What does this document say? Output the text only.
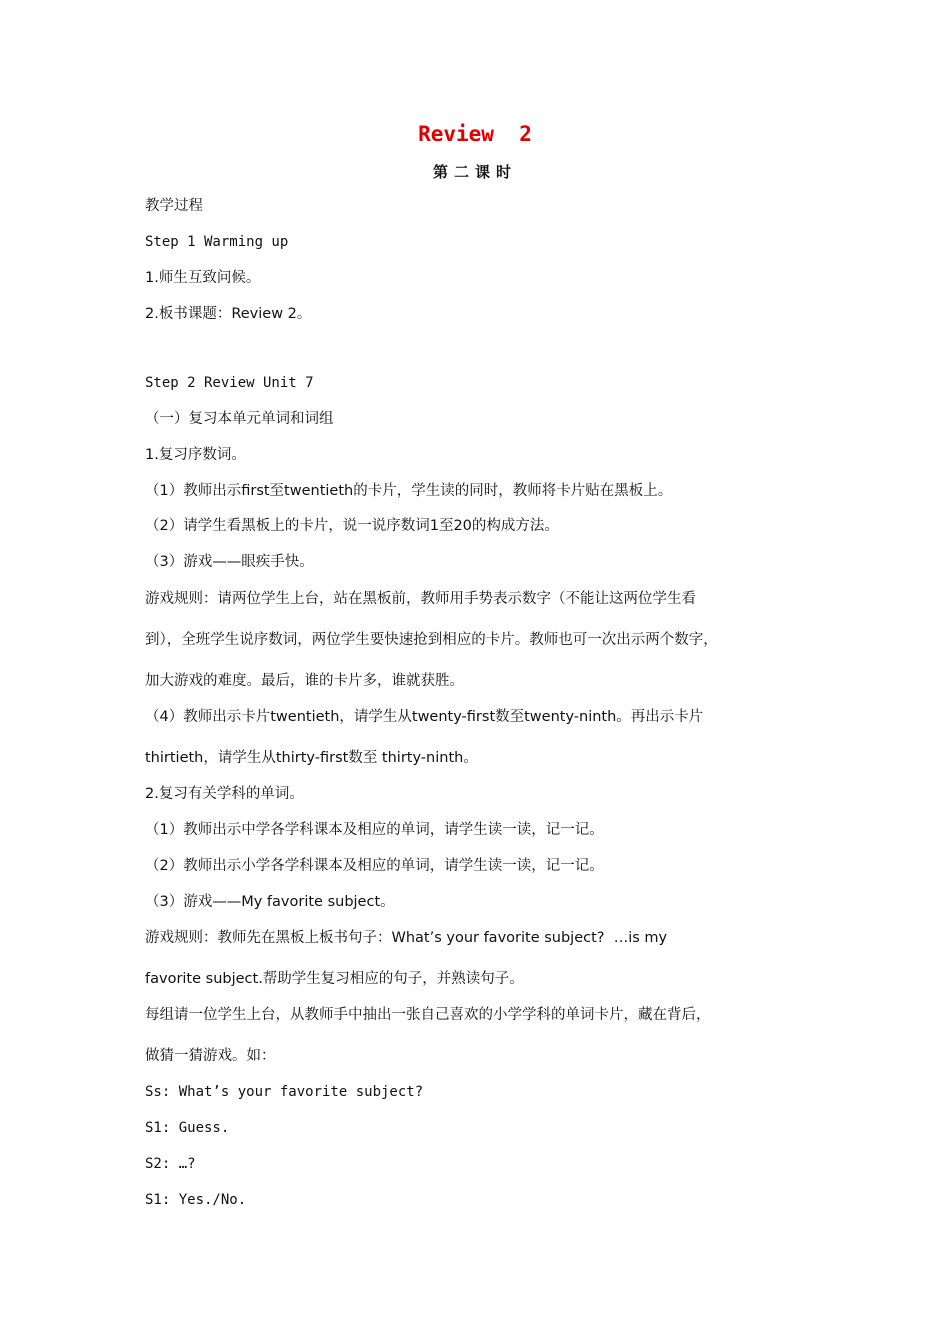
Review  2
第二课时
教学过程
Step 1 Warming up
1.师生互致问候。
2.板书课题：Review 2。
Step 2 Review Unit 7
（一）复习本单元单词和词组
1.复习序数词。
（1）教师出示first至twentieth的卡片，学生读的同时，教师将卡片贴在黑板上。
（2）请学生看黑板上的卡片，说一说序数词1至20的构成方法。
（3）游戏——眼疾手快。
游戏规则：请两位学生上台，站在黑板前，教师用手势表示数字（不能让这两位学生看
到），全班学生说序数词，两位学生要快速抢到相应的卡片。教师也可一次出示两个数字，
加大游戏的难度。最后，谁的卡片多，谁就获胜。
（4）教师出示卡片twentieth，请学生从twenty-first数至twenty-ninth。再出示卡片
thirtieth，请学生从thirty-first数至 thirty-ninth。
2.复习有关学科的单词。
（1）教师出示中学各学科课本及相应的单词，请学生读一读，记一记。
（2）教师出示小学各学科课本及相应的单词，请学生读一读，记一记。
（3）游戏——My favorite subject。
游戏规则：教师先在黑板上板书句子：What’s your favorite subject?  …is my
favorite subject.帮助学生复习相应的句子，并熟读句子。
每组请一位学生上台，从教师手中抽出一张自己喜欢的小学学科的单词卡片，藏在背后，
做猜一猜游戏。如：
Ss: What’s your favorite subject?
S1: Guess.
S2: …?
S1: Yes./No.
